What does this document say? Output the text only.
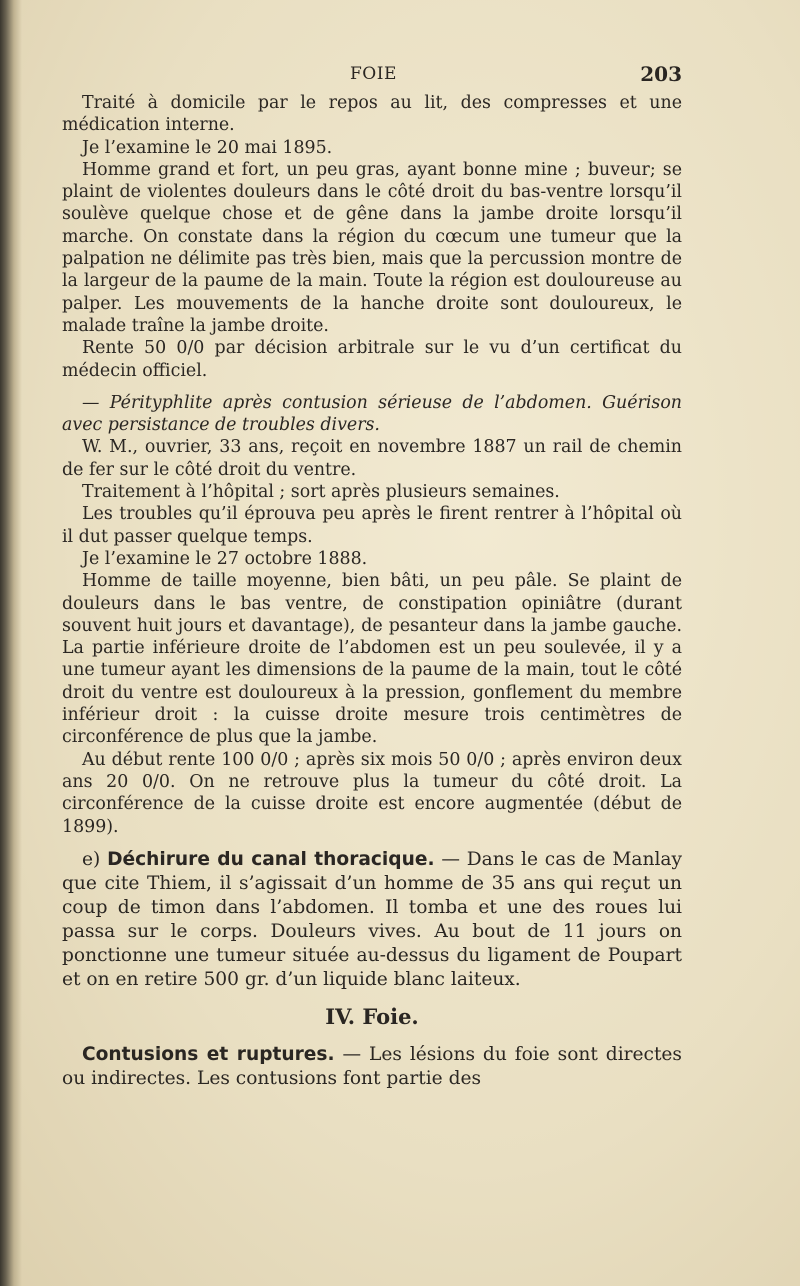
FOIE	203

Traité à domicile par le repos au lit, des compresses et une médication interne.

Je l’examine le 20 mai 1895.

Homme grand et fort, un peu gras, ayant bonne mine ; buveur; se plaint de violentes douleurs dans le côté droit du bas-ventre lorsqu’il soulève quelque chose et de gêne dans la jambe droite lorsqu’il marche. On constate dans la région du cœcum une tumeur que la palpation ne délimite pas très bien, mais que la percussion montre de la largeur de la paume de la main. Toute la région est douloureuse au palper. Les mouvements de la hanche droite sont douloureux, le malade traîne la jambe droite.

Rente 50 0/0 par décision arbitrale sur le vu d’un certificat du médecin officiel.

— Pérityphlite après contusion sérieuse de l’abdomen. Guérison avec persistance de troubles divers.

W. M., ouvrier, 33 ans, reçoit en novembre 1887 un rail de chemin de fer sur le côté droit du ventre.

Traitement à l’hôpital ; sort après plusieurs semaines.

Les troubles qu’il éprouva peu après le firent rentrer à l’hôpital où il dut passer quelque temps.

Je l’examine le 27 octobre 1888.

Homme de taille moyenne, bien bâti, un peu pâle. Se plaint de douleurs dans le bas ventre, de constipation opiniâtre (durant souvent huit jours et davantage), de pesanteur dans la jambe gauche. La partie inférieure droite de l’abdomen est un peu soulevée, il y a une tumeur ayant les dimensions de la paume de la main, tout le côté droit du ventre est douloureux à la pression, gonflement du membre inférieur droit : la cuisse droite mesure trois centimètres de circonférence de plus que la jambe.

Au début rente 100 0/0 ; après six mois 50 0/0 ; après environ deux ans 20 0/0. On ne retrouve plus la tumeur du côté droit. La circonférence de la cuisse droite est encore augmentée (début de 1899).

e) Déchirure du canal thoracique. — Dans le cas de Manlay que cite Thiem, il s’agissait d’un homme de 35 ans qui reçut un coup de timon dans l’abdomen. Il tomba et une des roues lui passa sur le corps. Douleurs vives. Au bout de 11 jours on ponctionne une tumeur située au-dessus du ligament de Poupart et on en retire 500 gr. d’un liquide blanc laiteux.

IV. Foie.

Contusions et ruptures. — Les lésions du foie sont directes ou indirectes. Les contusions font partie des
